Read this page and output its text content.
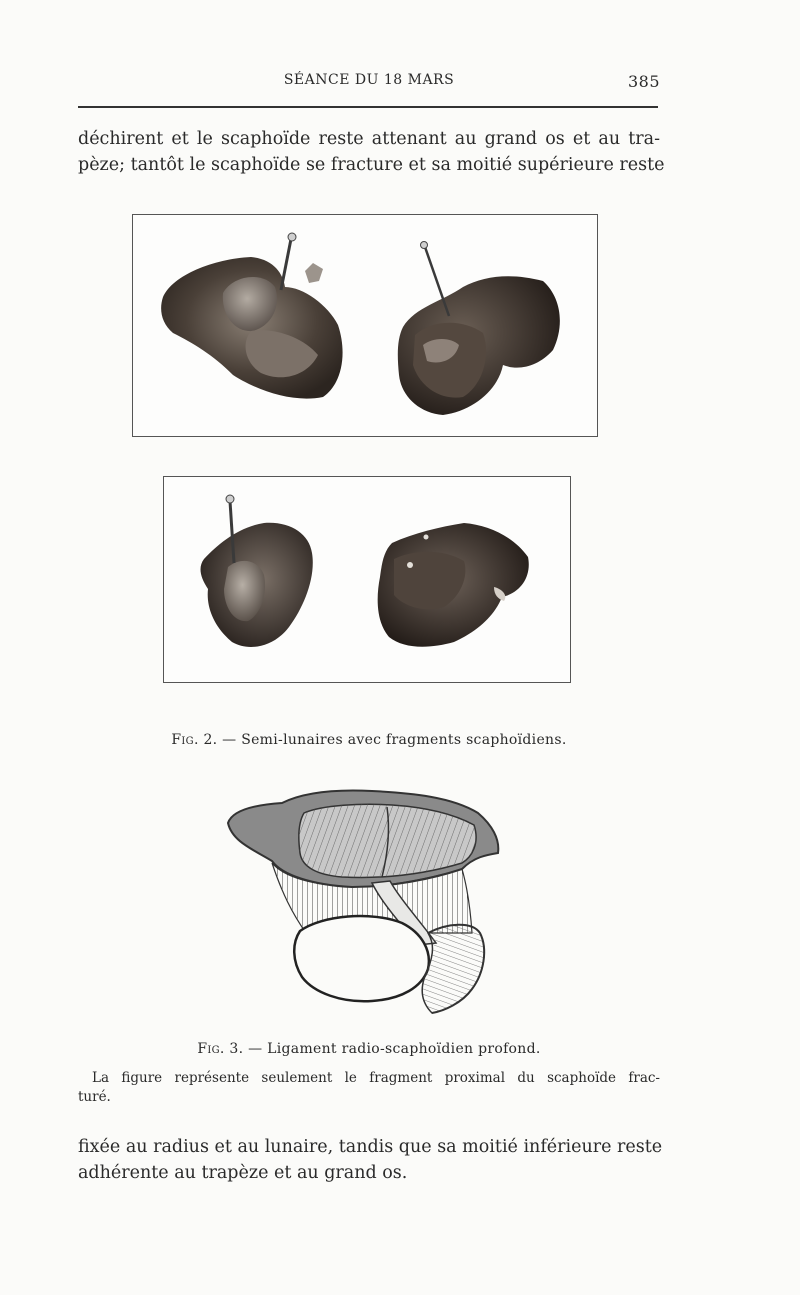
SÉANCE DU 18 MARS	385
déchirent et le scaphoïde reste attenant au grand os et au tra-
pèze; tantôt le scaphoïde se fracture et sa moitié supérieure reste
Fig. 2. — Semi-lunaires avec fragments scaphoïdiens.
Fig. 3. — Ligament radio-scaphoïdien profond.
La figure représente seulement le fragment proximal du scaphoïde frac-
turé.
fixée au radius et au lunaire, tandis que sa moitié inférieure reste
adhérente au trapèze et au grand os.
